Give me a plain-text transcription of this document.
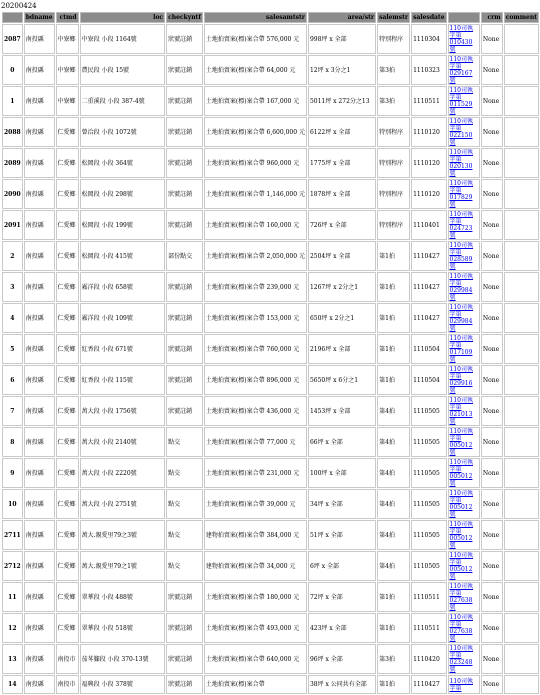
20200424
	bdname	ctmd	loc	checkyntf	salesamtstr	area/str	salemstr	salesdate		crm	comment
2087	南投縣	中寮鄉	中寮段 小段 1164號	狀號註銷	土地拍賣案(標)案合帶 576,000 元	998坪 x 全部	特別程序	1110304	110司執字第010430號	None	
0	南投縣	中寮鄉	農民段 小段 15號	狀號註銷	土地拍賣案(標)案合帶 64,000 元	12坪 x 3分之1	第3拍	1110323	110司執字第029167號	None	
1	南投縣	中寮鄉	二重溪段 小段 387-4號	狀號註銷	土地拍賣案(標)案合帶 167,000 元	5011坪 x 272分之13	第3拍	1110511	110司執字第011529號	None	
2088	南投縣	仁愛鄉	曾洽段 小段 1072號	狀號註銷	土地拍賣案(標)案合帶 6,600,000 元	6122坪 x 全部	特別程序	1110120	110司執字第022150號	None	
2089	南投縣	仁愛鄉	松岡段 小段 364號	狀號註銷	土地拍賣案(標)案合帶 960,000 元	1775坪 x 全部	特別程序	1110120	110司執字第020130號	None	
2090	南投縣	仁愛鄉	松岡段 小段 298號	狀號註銷	土地拍賣案(標)案合帶 1,146,000 元	1878坪 x 全部	特別程序	1110120	110司執字第017829號	None	
2091	南投縣	仁愛鄉	松岡段 小段 199號	狀號註銷	土地拍賣案(標)案合帶 160,000 元	726坪 x 全部	特別程序	1110401	110司執字第024723號	None	
2	南投縣	仁愛鄉	松岡段 小段 415號	部份點交	土地拍賣案(標)案合帶 2,050,000 元	2504坪 x 全部	第1拍	1110427	110司執字第028589號	None	
3	南投縣	仁愛鄉	霧洋段 小段 658號	狀號註銷	土地拍賣案(標)案合帶 239,000 元	1267坪 x 2分之1	第1拍	1110427	110司執字第029984號	None	
4	南投縣	仁愛鄉	霧洋段 小段 109號	狀號註銷	土地拍賣案(標)案合帶 153,000 元	650坪 x 2分之1	第1拍	1110427	110司執字第029984號	None	
5	南投縣	仁愛鄉	紅香段 小段 671號	狀號註銷	土地拍賣案(標)案合帶 760,000 元	2196坪 x 全部	第1拍	1110504	110司執字第017109號	None	
6	南投縣	仁愛鄉	紅香段 小段 115號	狀號註銷	土地拍賣案(標)案合帶 896,000 元	5650坪 x 6分之1	第1拍	1110504	110司執字第029916號	None	
7	南投縣	仁愛鄉	萬大段 小段 1756號	狀號註銷	土地拍賣案(標)案合帶 436,000 元	1453坪 x 全部	第4拍	1110505	110司執字第021013號	None	
8	南投縣	仁愛鄉	萬大段 小段 2140號	點交	土地拍賣案(標)案合帶 77,000 元	66坪 x 全部	第4拍	1110505	110司執字第005012號	None	
9	南投縣	仁愛鄉	萬大段 小段 2220號	點交	土地拍賣案(標)案合帶 231,000 元	100坪 x 全部	第4拍	1110505	110司執字第005012號	None	
10	南投縣	仁愛鄉	萬大段 小段 2751號	點交	土地拍賣案(標)案合帶 39,000 元	34坪 x 全部	第4拍	1110505	110司執字第005012號	None	
2711	南投縣	仁愛鄉	萬大.親愛里79之3號	點交	建物拍賣案(標)案合帶 384,000 元	51坪 x 全部	第4拍	1110505	110司執字第005012號	None	
2712	南投縣	仁愛鄉	萬大.親愛里79之1號	點交	建物拍賣案(標)案合帶 34,000 元	6坪 x 全部	第4拍	1110505	110司執字第005012號	None	
11	南投縣	仁愛鄉	翠華段 小段 488號	狀號註銷	土地拍賣案(標)案合帶 180,000 元	72坪 x 全部	第1拍	1110511	110司執字第027638號	None	
12	南投縣	仁愛鄉	翠華段 小段 518號	狀號註銷	土地拍賣案(標)案合帶 493,000 元	423坪 x 全部	第1拍	1110511	110司執字第027638號	None	
13	南投縣	南投市	茄苳腳段 小段 370-13號	狀號註銷	土地拍賣案(標)案合帶 640,000 元	96坪 x 全部	第3拍	1110420	110司執字第023248號	None	
14	南投縣	南投市	福興段 小段 378號	狀號註銷	土地拍賣案(標)案合帶	38坪 x 公同共有全部	第1拍	1110427	110司執字第	None	
